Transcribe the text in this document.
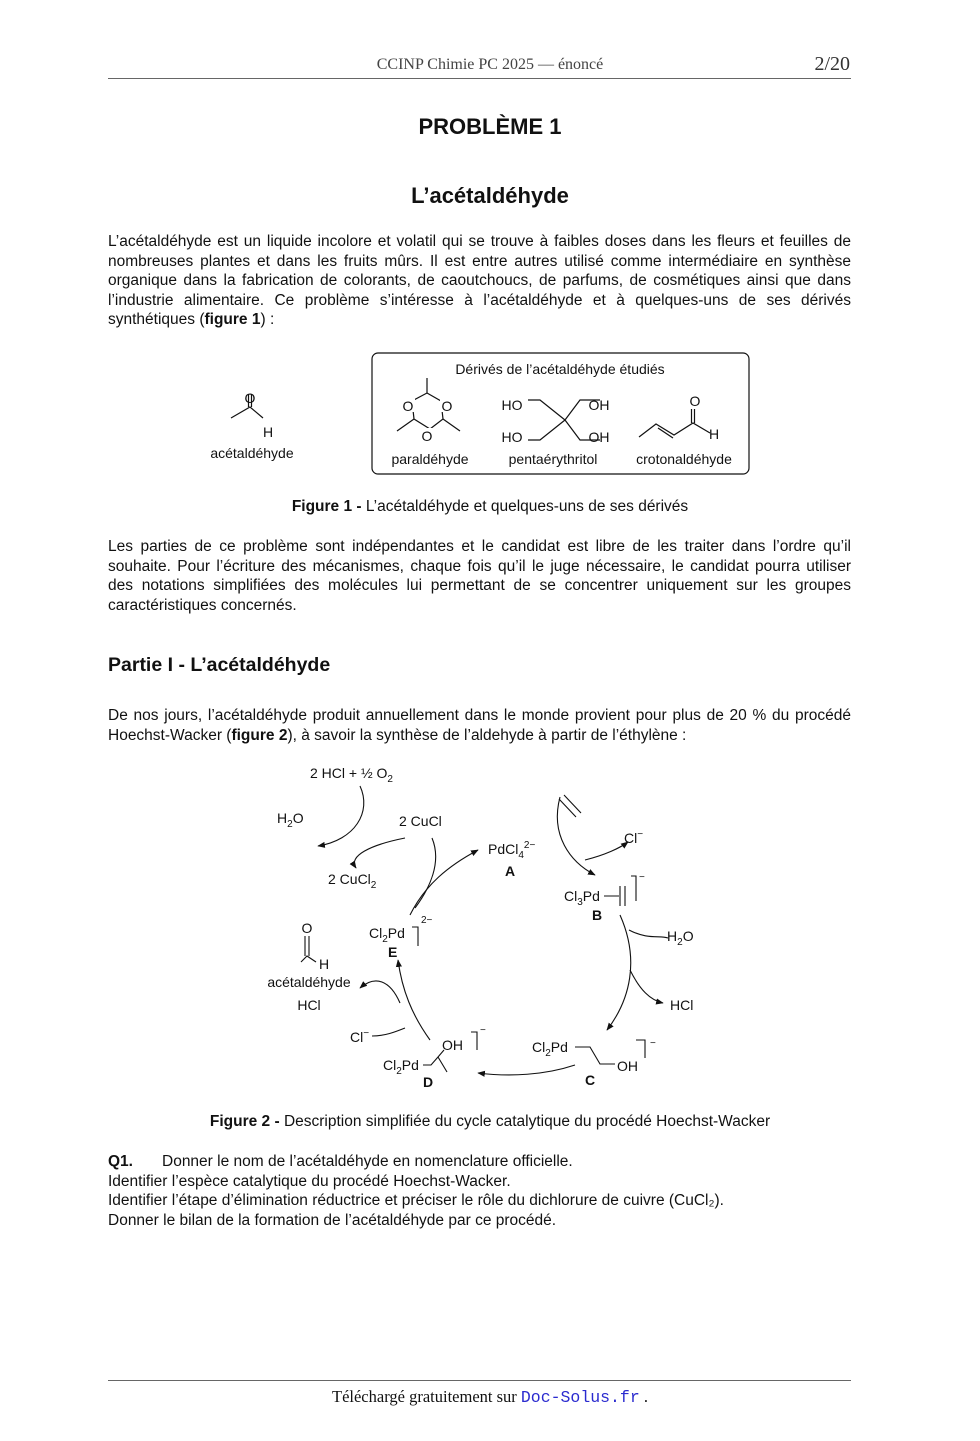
CCINP Chimie PC 2025 — énoncé	2/20
PROBLÈME 1
L’acétaldéhyde
L’acétaldéhyde est un liquide incolore et volatil qui se trouve à faibles doses dans les fleurs et feuilles de nombreuses plantes et dans les fruits mûrs. Il est entre autres utilisé comme intermédiaire en synthèse organique dans la fabrication de colorants, de caoutchoucs, de parfums, de cosmétiques ainsi que dans l’industrie alimentaire. Ce problème s’intéresse à l’acétaldéhyde et à quelques-uns de ses dérivés synthétiques (figure 1) :
O
H
acétaldéhyde
Dérivés de l’acétaldéhyde étudiés
O O
O
paraldéhyde
HO	OH
HO	OH
pentaérythritol
O
H
crotonaldéhyde
Figure 1 - L’acétaldéhyde et quelques-uns de ses dérivés
Les parties de ce problème sont indépendantes et le candidat est libre de les traiter dans l’ordre qu’il souhaite. Pour l’écriture des mécanismes, chaque fois qu’il le juge nécessaire, le candidat pourra utiliser des notations simplifiées des molécules lui permettant de se concentrer uniquement sur les groupes caractéristiques concernés.
Partie I - L’acétaldéhyde
De nos jours, l’acétaldéhyde produit annuellement dans le monde provient pour plus de 20 % du procédé Hoechst-Wacker (figure 2), à savoir la synthèse de l’aldehyde à partir de l’éthylène :
2 HCl + ½ $O_2$
$H_2O$	2 CuCl
2 CuCl$_2$
PdCl$_4^{2-}$
A
Cl−
$Cl_3Pd$
−
B
$H_2O$
HCl
$Cl_2Pd$
OH
−
C
$Cl_2Pd$
OH
−
D
$Cl_2Pd$
2−
E
Cl−
O
H
acétaldéhyde
HCl
Figure 2 - Description simplifiée du cycle catalytique du procédé Hoechst-Wacker
Q1. Donner le nom de l’acétaldéhyde en nomenclature officielle.
Identifier l’espèce catalytique du procédé Hoechst-Wacker.
Identifier l’étape d’élimination réductrice et préciser le rôle du dichlorure de cuivre (CuCl₂).
Donner le bilan de la formation de l’acétaldéhyde par ce procédé.
Téléchargé gratuitement sur Doc-Solus.fr .
